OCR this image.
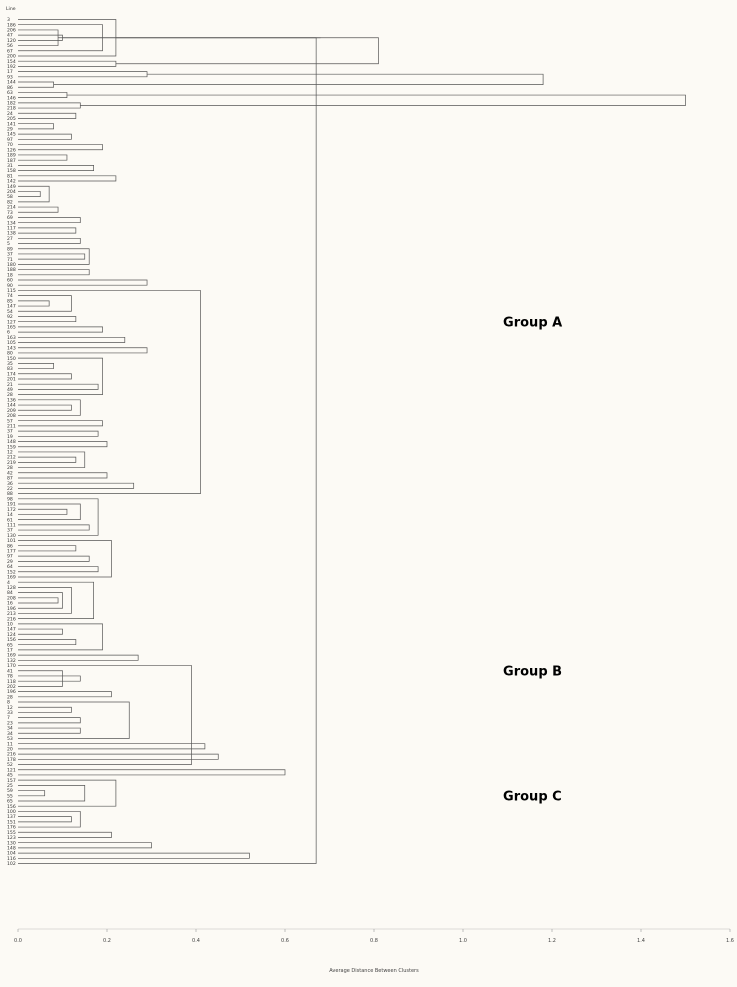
Line
Average Distance Between Clusters
3
186
206
47
120
56
67
200
154
192
17
93
144
86
63
146
182
218
24
205
141
29
145
97
70
126
189
187
31
158
81
142
149
204
58
82
214
73
69
134
117
138
27
5
89
37
71
180
188
18
60
90
115
74
85
147
54
92
127
165
6
163
105
143
80
150
35
83
174
201
21
49
28
136
144
209
208
57
211
37
19
148
159
12
212
219
28
42
87
36
22
88
98
191
172
14
61
111
37
130
101
86
177
97
29
64
152
169
4
128
84
208
16
196
213
216
10
147
124
156
65
17
169
132
170
41
78
118
202
196
28
8
12
33
7
23
34
34
53
11
20
216
178
52
121
45
157
25
59
55
65
156
100
137
151
176
155
123
130
148
104
116
102
0.0	0.2	0.4	0.6	0.8	1.0	1.2	1.4	1.6
Group A
Group B
Group C
